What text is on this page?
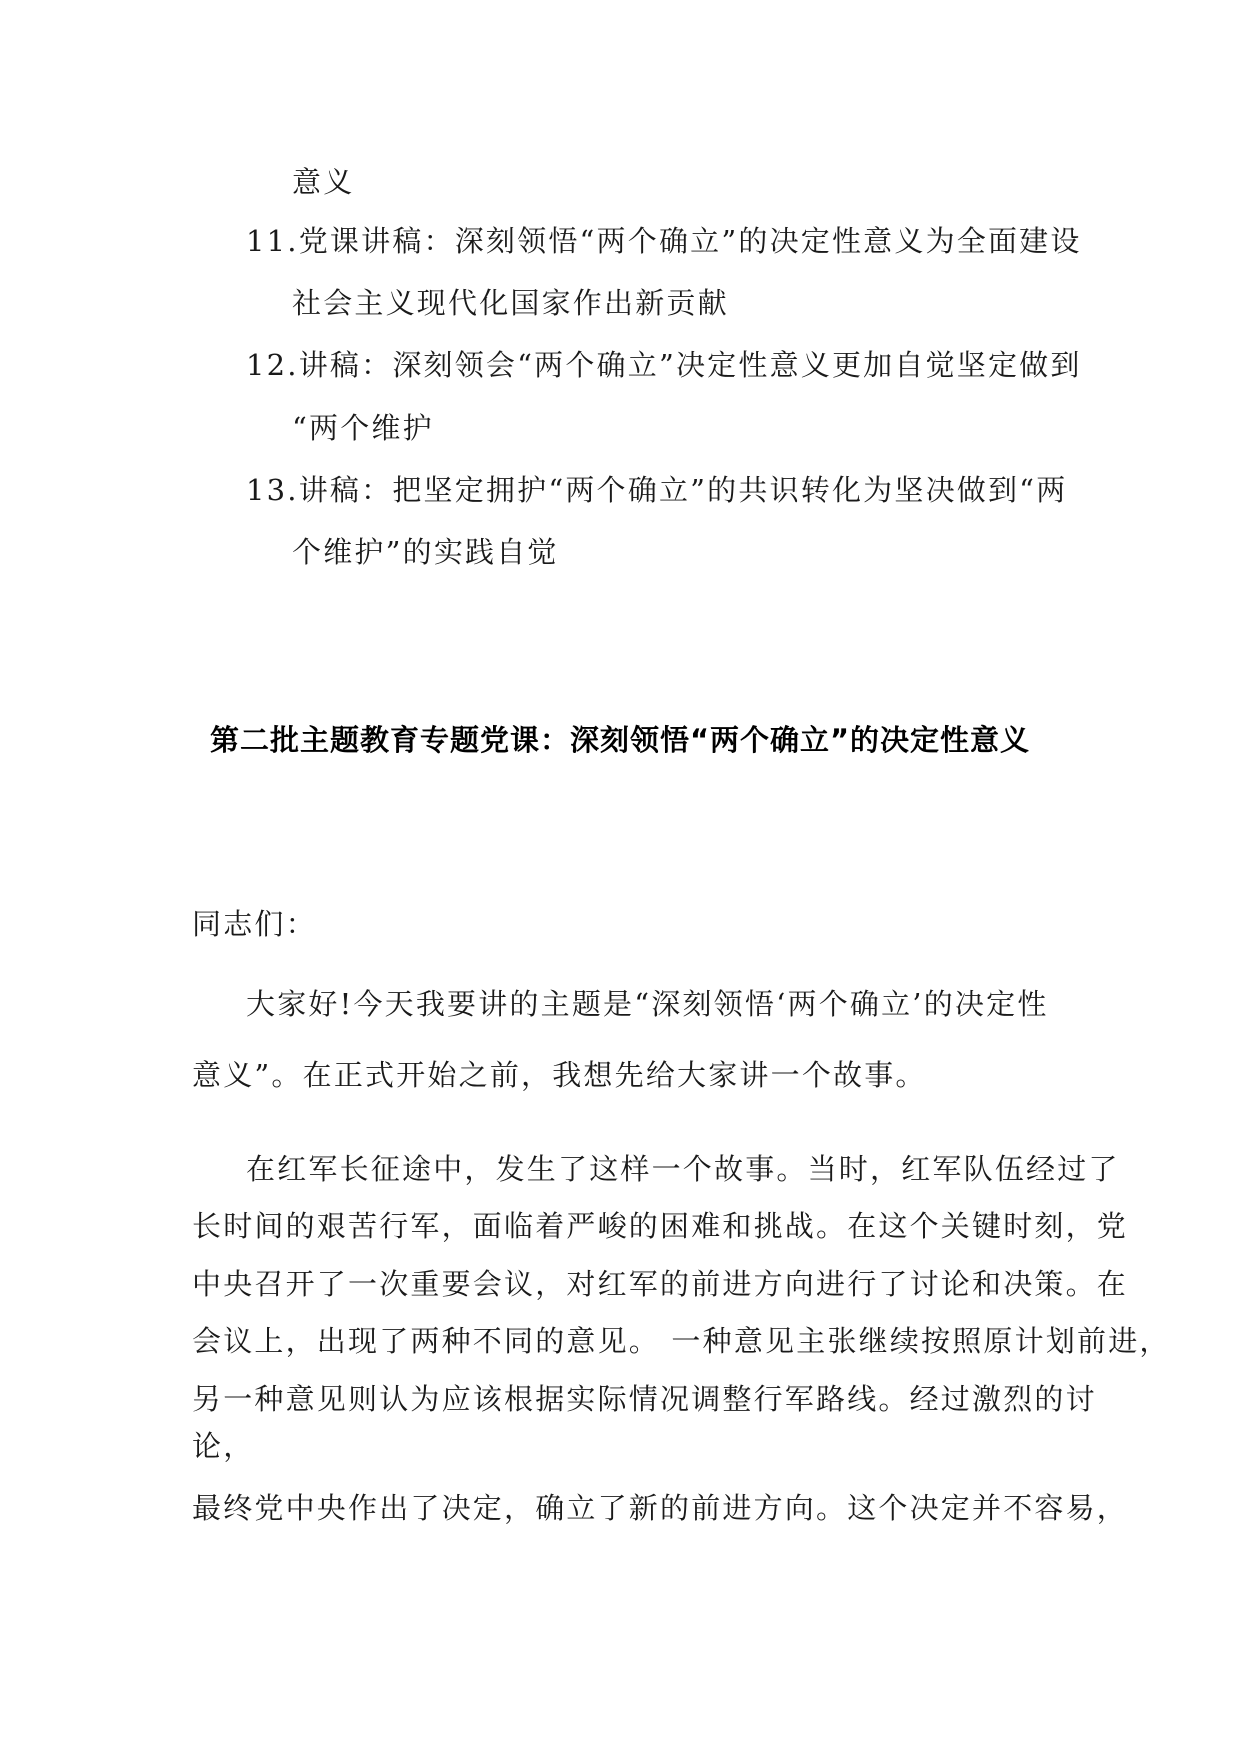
意义
11.党课讲稿：深刻领悟“两个确立”的决定性意义为全面建设
社会主义现代化国家作出新贡献
12.讲稿：深刻领会“两个确立”决定性意义更加自觉坚定做到
“两个维护
13.讲稿：把坚定拥护“两个确立”的共识转化为坚决做到“两
个维护”的实践自觉
第二批主题教育专题党课：深刻领悟“两个确立”的决定性意义
同志们：
大家好!今天我要讲的主题是“深刻领悟‘两个确立’的决定性
意义”。在正式开始之前，我想先给大家讲一个故事。
在红军长征途中，发生了这样一个故事。当时，红军队伍经过了
长时间的艰苦行军，面临着严峻的困难和挑战。在这个关键时刻，党
中央召开了一次重要会议，对红军的前进方向进行了讨论和决策。在
会议上，出现了两种不同的意见。 一种意见主张继续按照原计划前进，
另一种意见则认为应该根据实际情况调整行军路线。经过激烈的讨
论，
最终党中央作出了决定，确立了新的前进方向。这个决定并不容易，
